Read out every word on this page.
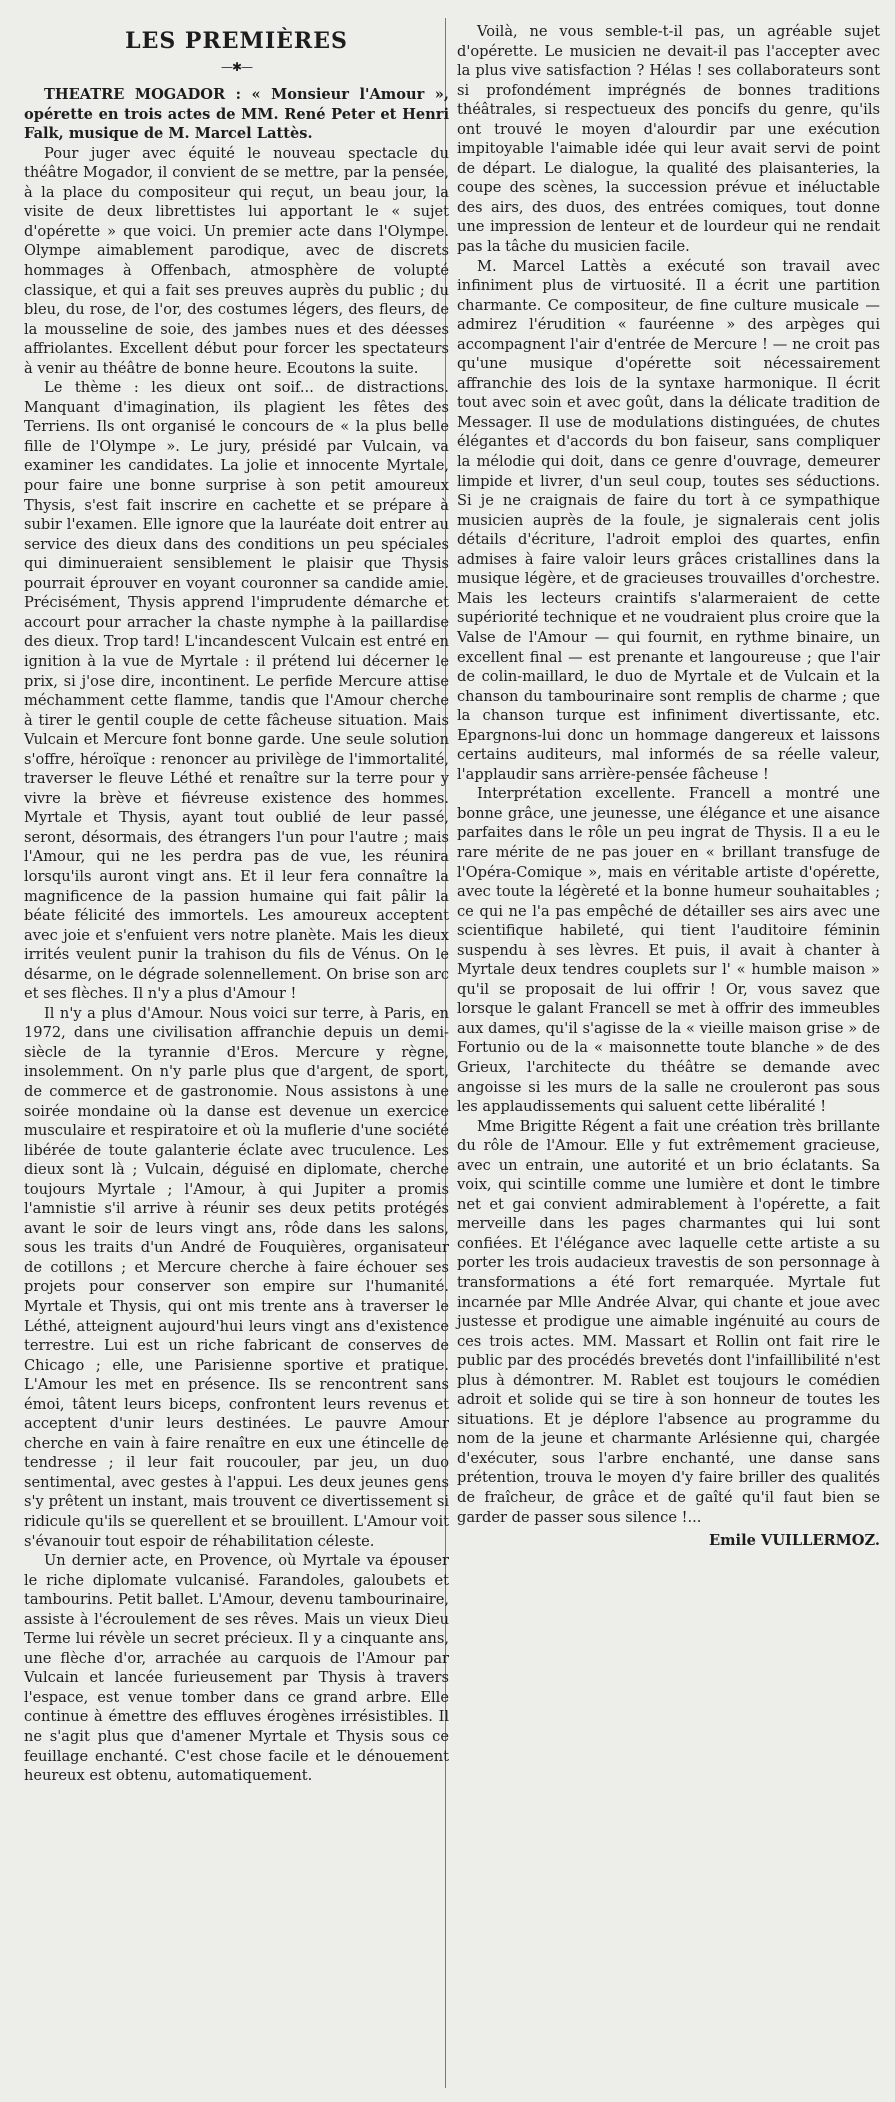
LES PREMIÈRES
—✱—

THEATRE MOGADOR : « Monsieur l'Amour », opérette en trois actes de MM. René Peter et Henri Falk, musique de M. Marcel Lattès.

Pour juger avec équité le nouveau spectacle du théâtre Mogador, il convient de se mettre, par la pensée, à la place du compositeur qui reçut, un beau jour, la visite de deux librettistes lui apportant le « sujet d'opérette » que voici. Un premier acte dans l'Olympe. Olympe aimablement parodique, avec de discrets hommages à Offenbach, atmosphère de volupté classique, et qui a fait ses preuves auprès du public ; du bleu, du rose, de l'or, des costumes légers, des fleurs, de la mousseline de soie, des jambes nues et des déesses affriolantes. Excellent début pour forcer les spectateurs à venir au théâtre de bonne heure. Ecoutons la suite.

Le thème : les dieux ont soif... de distractions. Manquant d'imagination, ils plagient les fêtes des Terriens. Ils ont organisé le concours de « la plus belle fille de l'Olympe ». Le jury, présidé par Vulcain, va examiner les candidates. La jolie et innocente Myrtale, pour faire une bonne surprise à son petit amoureux Thysis, s'est fait inscrire en cachette et se prépare à subir l'examen. Elle ignore que la lauréate doit entrer au service des dieux dans des conditions un peu spéciales qui diminueraient sensiblement le plaisir que Thysis pourrait éprouver en voyant couronner sa candide amie. Précisément, Thysis apprend l'imprudente démarche et accourt pour arracher la chaste nymphe à la paillardise des dieux. Trop tard! L'incandescent Vulcain est entré en ignition à la vue de Myrtale : il prétend lui décerner le prix, si j'ose dire, incontinent. Le perfide Mercure attise méchamment cette flamme, tandis que l'Amour cherche à tirer le gentil couple de cette fâcheuse situation. Mais Vulcain et Mercure font bonne garde. Une seule solution s'offre, héroïque : renoncer au privilège de l'immortalité, traverser le fleuve Léthé et renaître sur la terre pour y vivre la brève et fiévreuse existence des hommes. Myrtale et Thysis, ayant tout oublié de leur passé, seront, désormais, des étrangers l'un pour l'autre ; mais l'Amour, qui ne les perdra pas de vue, les réunira lorsqu'ils auront vingt ans. Et il leur fera connaître la magnificence de la passion humaine qui fait pâlir la béate félicité des immortels. Les amoureux acceptent avec joie et s'enfuient vers notre planète. Mais les dieux irrités veulent punir la trahison du fils de Vénus. On le désarme, on le dégrade solennellement. On brise son arc et ses flèches. Il n'y a plus d'Amour !

Il n'y a plus d'Amour. Nous voici sur terre, à Paris, en 1972, dans une civilisation affranchie depuis un demi-siècle de la tyrannie d'Eros. Mercure y règne, insolemment. On n'y parle plus que d'argent, de sport, de commerce et de gastronomie. Nous assistons à une soirée mondaine où la danse est devenue un exercice musculaire et respiratoire et où la muflerie d'une société libérée de toute galanterie éclate avec truculence. Les dieux sont là ; Vulcain, déguisé en diplomate, cherche toujours Myrtale ; l'Amour, à qui Jupiter a promis l'amnistie s'il arrive à réunir ses deux petits protégés avant le soir de leurs vingt ans, rôde dans les salons, sous les traits d'un André de Fouquières, organisateur de cotillons ; et Mercure cherche à faire échouer ses projets pour conserver son empire sur l'humanité. Myrtale et Thysis, qui ont mis trente ans à traverser le Léthé, atteignent aujourd'hui leurs vingt ans d'existence terrestre. Lui est un riche fabricant de conserves de Chicago ; elle, une Parisienne sportive et pratique. L'Amour les met en présence. Ils se rencontrent sans émoi, tâtent leurs biceps, confrontent leurs revenus et acceptent d'unir leurs destinées. Le pauvre Amour cherche en vain à faire renaître en eux une étincelle de tendresse ; il leur fait roucouler, par jeu, un duo sentimental, avec gestes à l'appui. Les deux jeunes gens s'y prêtent un instant, mais trouvent ce divertissement si ridicule qu'ils se querellent et se brouillent. L'Amour voit s'évanouir tout espoir de réhabilitation céleste.

Un dernier acte, en Provence, où Myrtale va épouser le riche diplomate vulcanisé. Farandoles, galoubets et tambourins. Petit ballet. L'Amour, devenu tambourinaire, assiste à l'écroulement de ses rêves. Mais un vieux Dieu Terme lui révèle un secret précieux. Il y a cinquante ans, une flèche d'or, arrachée au carquois de l'Amour par Vulcain et lancée furieusement par Thysis à travers l'espace, est venue tomber dans ce grand arbre. Elle continue à émettre des effluves érogènes irrésistibles. Il ne s'agit plus que d'amener Myrtale et Thysis sous ce feuillage enchanté. C'est chose facile et le dénouement heureux est obtenu, automatiquement.

Voilà, ne vous semble-t-il pas, un agréable sujet d'opérette. Le musicien ne devait-il pas l'accepter avec la plus vive satisfaction ? Hélas ! ses collaborateurs sont si profondément imprégnés de bonnes traditions théâtrales, si respectueux des poncifs du genre, qu'ils ont trouvé le moyen d'alourdir par une exécution impitoyable l'aimable idée qui leur avait servi de point de départ. Le dialogue, la qualité des plaisanteries, la coupe des scènes, la succession prévue et inéluctable des airs, des duos, des entrées comiques, tout donne une impression de lenteur et de lourdeur qui ne rendait pas la tâche du musicien facile.

M. Marcel Lattès a exécuté son travail avec infiniment plus de virtuosité. Il a écrit une partition charmante. Ce compositeur, de fine culture musicale — admirez l'érudition « fauréenne » des arpèges qui accompagnent l'air d'entrée de Mercure ! — ne croit pas qu'une musique d'opérette soit nécessairement affranchie des lois de la syntaxe harmonique. Il écrit tout avec soin et avec goût, dans la délicate tradition de Messager. Il use de modulations distinguées, de chutes élégantes et d'accords du bon faiseur, sans compliquer la mélodie qui doit, dans ce genre d'ouvrage, demeurer limpide et livrer, d'un seul coup, toutes ses séductions. Si je ne craignais de faire du tort à ce sympathique musicien auprès de la foule, je signalerais cent jolis détails d'écriture, l'adroit emploi des quartes, enfin admises à faire valoir leurs grâces cristallines dans la musique légère, et de gracieuses trouvailles d'orchestre. Mais les lecteurs craintifs s'alarmeraient de cette supériorité technique et ne voudraient plus croire que la Valse de l'Amour — qui fournit, en rythme binaire, un excellent final — est prenante et langoureuse ; que l'air de colin-maillard, le duo de Myrtale et de Vulcain et la chanson du tambourinaire sont remplis de charme ; que la chanson turque est infiniment divertissante, etc. Epargnons-lui donc un hommage dangereux et laissons certains auditeurs, mal informés de sa réelle valeur, l'applaudir sans arrière-pensée fâcheuse !

Interprétation excellente. Francell a montré une bonne grâce, une jeunesse, une élégance et une aisance parfaites dans le rôle un peu ingrat de Thysis. Il a eu le rare mérite de ne pas jouer en « brillant transfuge de l'Opéra-Comique », mais en véritable artiste d'opérette, avec toute la légèreté et la bonne humeur souhaitables ; ce qui ne l'a pas empêché de détailler ses airs avec une scientifique habileté, qui tient l'auditoire féminin suspendu à ses lèvres. Et puis, il avait à chanter à Myrtale deux tendres couplets sur l' « humble maison » qu'il se proposait de lui offrir ! Or, vous savez que lorsque le galant Francell se met à offrir des immeubles aux dames, qu'il s'agisse de la « vieille maison grise » de Fortunio ou de la « maisonnette toute blanche » de des Grieux, l'architecte du théâtre se demande avec angoisse si les murs de la salle ne crouleront pas sous les applaudissements qui saluent cette libéralité !

Mme Brigitte Régent a fait une création très brillante du rôle de l'Amour. Elle y fut extrêmement gracieuse, avec un entrain, une autorité et un brio éclatants. Sa voix, qui scintille comme une lumière et dont le timbre net et gai convient admirablement à l'opérette, a fait merveille dans les pages charmantes qui lui sont confiées. Et l'élégance avec laquelle cette artiste a su porter les trois audacieux travestis de son personnage à transformations a été fort remarquée. Myrtale fut incarnée par Mlle Andrée Alvar, qui chante et joue avec justesse et prodigue une aimable ingénuité au cours de ces trois actes. MM. Massart et Rollin ont fait rire le public par des procédés brevetés dont l'infaillibilité n'est plus à démontrer. M. Rablet est toujours le comédien adroit et solide qui se tire à son honneur de toutes les situations. Et je déplore l'absence au programme du nom de la jeune et charmante Arlésienne qui, chargée d'exécuter, sous l'arbre enchanté, une danse sans prétention, trouva le moyen d'y faire briller des qualités de fraîcheur, de grâce et de gaîté qu'il faut bien se garder de passer sous silence !...

Emile VUILLERMOZ.
